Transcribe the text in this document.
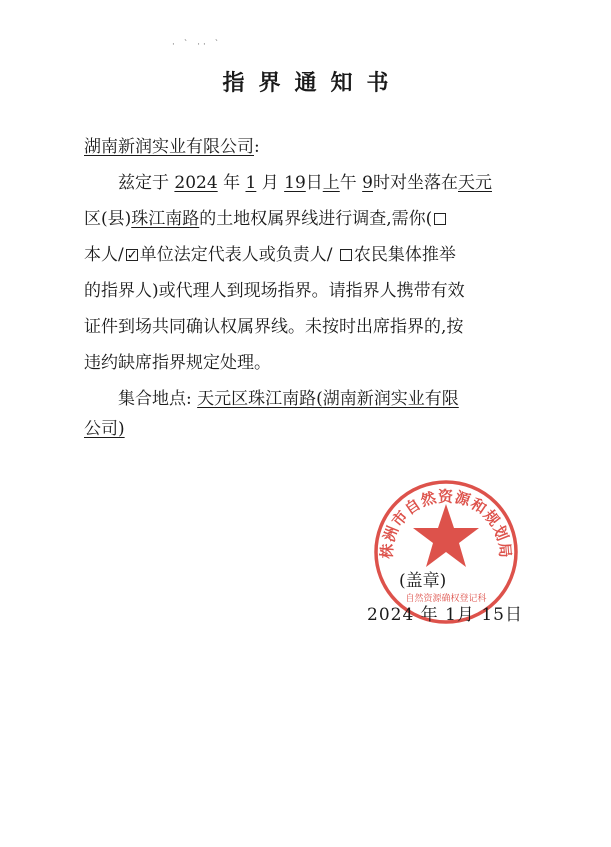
· ` ·· `
指界通知书
湖南新润实业有限公司:
兹定于 2024 年 1 月 19日上午 9时对坐落在天元
区(县)珠江南路的土地权属界线进行调查,需你(
本人/✓ 单位法定代表人或负责人/ 农民集体推举
的指界人)或代理人到现场指界。请指界人携带有效
证件到场共同确认权属界线。未按时出席指界的,按
违约缺席指界规定处理。
集合地点: 天元区珠江南路(湖南新润实业有限
公司)
株洲市自然资源和规划局
自然资源确权登记科
(盖章)
2024 年 1月 15日
